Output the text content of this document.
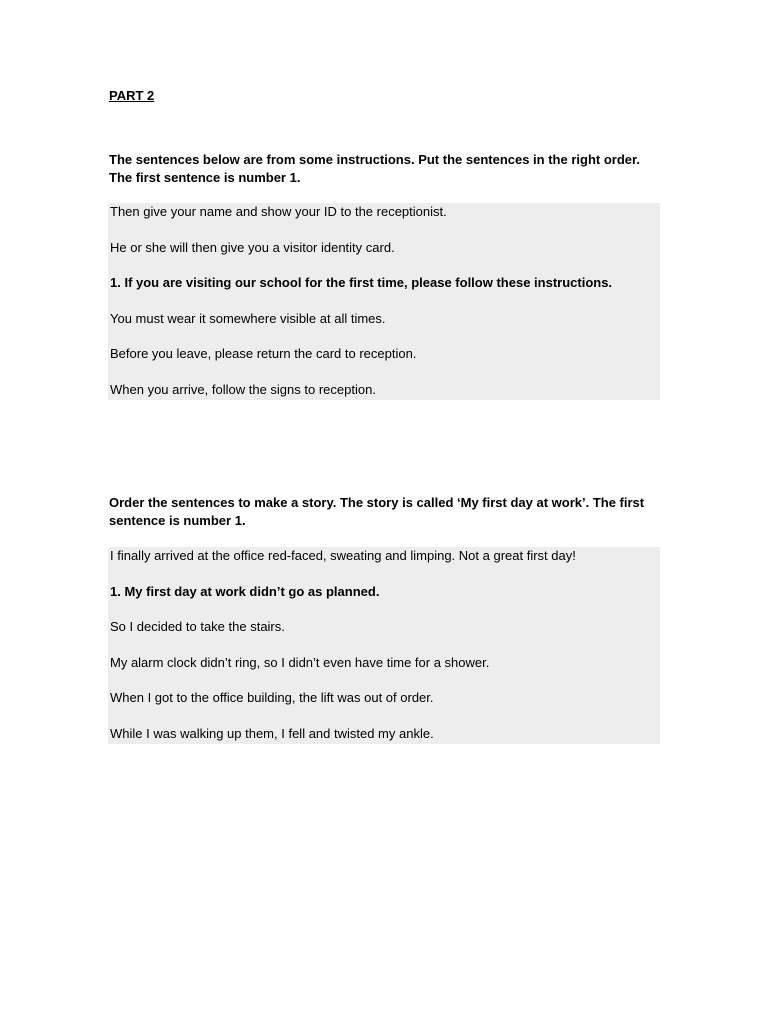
PART 2

The sentences below are from some instructions. Put the sentences in the right order. The first sentence is number 1.

Then give your name and show your ID to the receptionist.
He or she will then give you a visitor identity card.
1. If you are visiting our school for the first time, please follow these instructions.
You must wear it somewhere visible at all times.
Before you leave, please return the card to reception.
When you arrive, follow the signs to reception.

Order the sentences to make a story. The story is called ‘My first day at work’. The first sentence is number 1.

I finally arrived at the office red-faced, sweating and limping. Not a great first day!
1. My first day at work didn’t go as planned.
So I decided to take the stairs.
My alarm clock didn’t ring, so I didn’t even have time for a shower.
When I got to the office building, the lift was out of order.
While I was walking up them, I fell and twisted my ankle.
